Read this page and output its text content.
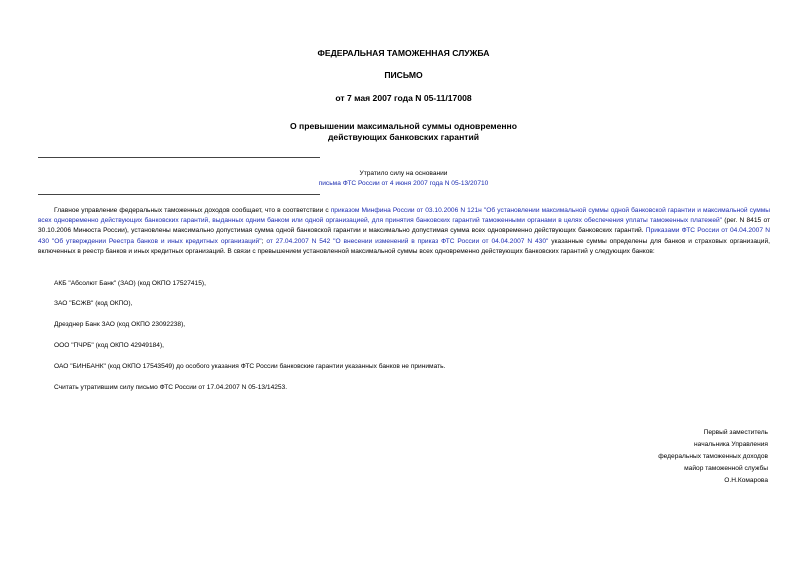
ФЕДЕРАЛЬНАЯ ТАМОЖЕННАЯ СЛУЖБА
ПИСЬМО
от 7 мая 2007 года N 05-11/17008
О превышении максимальной суммы одновременно
действующих банковских гарантий
Утратило силу на основании
письма ФТС России от 4 июня 2007 года N 05-13/20710

Главное управление федеральных таможенных доходов сообщает, что в соответствии с приказом Минфина России от 03.10.2006 N 121н "Об установлении максимальной суммы одной банковской гарантии и максимальной суммы всех одновременно действующих банковских гарантий, выданных одним банком или одной организацией, для принятия банковских гарантий таможенными органами в целях обеспечения уплаты таможенных платежей" (рег. N 8415 от 30.10.2006 Минюста России), установлены максимально допустимая сумма одной банковской гарантии и максимально допустимая сумма всех одновременно действующих банковских гарантий. Приказами ФТС России от 04.04.2007 N 430 "Об утверждении Реестра банков и иных кредитных организаций"; от 27.04.2007 N 542 "О внесении изменений в приказ ФТС России от 04.04.2007 N 430" указанные суммы определены для банков и страховых организаций, включенных в реестр банков и иных кредитных организаций. В связи с превышением установленной максимальной суммы всех одновременно действующих банковских гарантий у следующих банков:

АКБ "Абсолют Банк" (ЗАО) (код ОКПО 17527415),
ЗАО "БСЖВ" (код ОКПО),
Дрезднер Банк ЗАО (код ОКПО 23092238),
ООО "ПЧРБ" (код ОКПО 42949184),
ОАО "БИНБАНК" (код ОКПО 17543549) до особого указания ФТС России банковские гарантии указанных банков не принимать.
Считать утратившим силу письмо ФТС России от 17.04.2007 N 05-13/14253.
Первый заместитель
начальника Управления
федеральных таможенных доходов
майор таможенной службы
О.Н.Комарова
